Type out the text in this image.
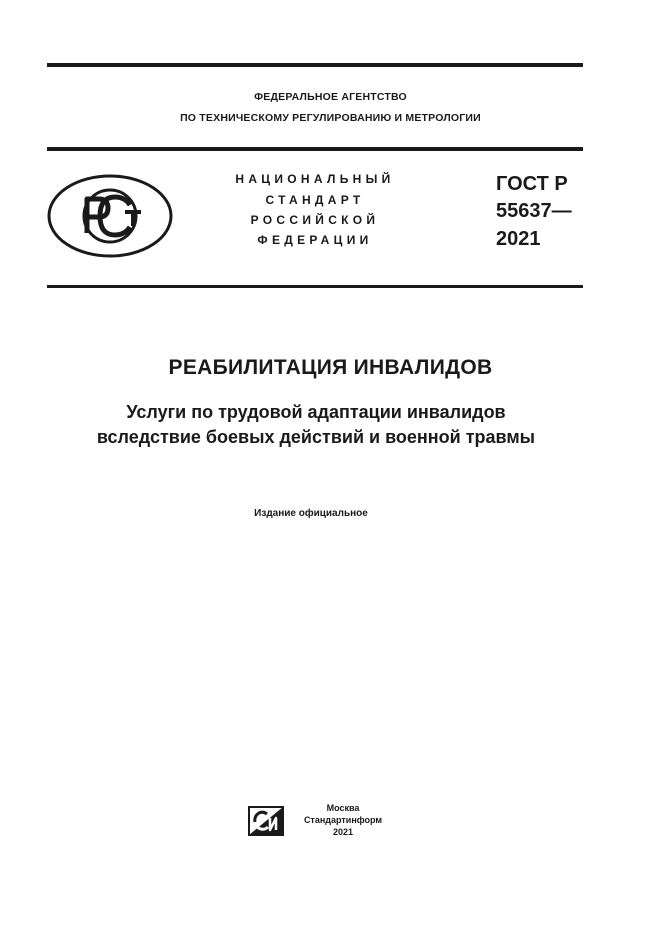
ФЕДЕРАЛЬНОЕ АГЕНТСТВО
ПО ТЕХНИЧЕСКОМУ РЕГУЛИРОВАНИЮ И МЕТРОЛОГИИ
НАЦИОНАЛЬНЫЙ
СТАНДАРТ
РОССИЙСКОЙ
ФЕДЕРАЦИИ
ГОСТ Р
55637—
2021
РЕАБИЛИТАЦИЯ ИНВАЛИДОВ
Услуги по трудовой адаптации инвалидов
вследствие боевых действий и военной травмы
Издание официальное
Москва
Стандартинформ
2021
